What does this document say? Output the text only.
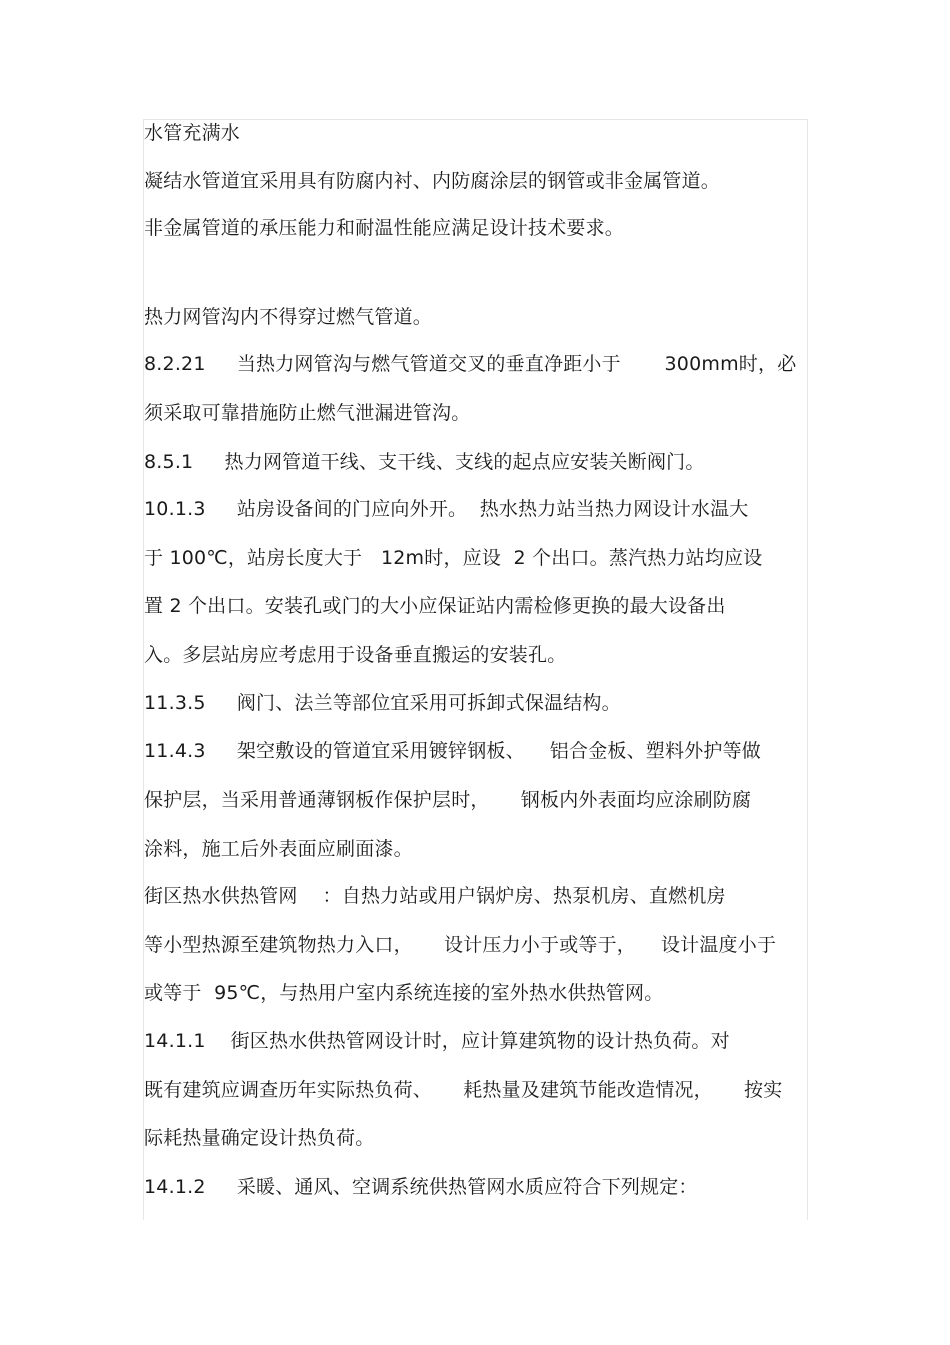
水管充满水
凝结水管道宜采用具有防腐内衬、内防腐涂层的钢管或非金属管道。
非金属管道的承压能力和耐温性能应满足设计技术要求。
热力网管沟内不得穿过燃气管道。
8.2.21     当热力网管沟与燃气管道交叉的垂直净距小于       300mm时，必
须采取可靠措施防止燃气泄漏进管沟。
8.5.1     热力网管道干线、支干线、支线的起点应安装关断阀门。
10.1.3     站房设备间的门应向外开。  热水热力站当热力网设计水温大
于 100℃，站房长度大于   12m时，应设  2 个出口。蒸汽热力站均应设
置 2 个出口。安装孔或门的大小应保证站内需检修更换的最大设备出
入。多层站房应考虑用于设备垂直搬运的安装孔。
11.3.5     阀门、法兰等部位宜采用可拆卸式保温结构。
11.4.3     架空敷设的管道宜采用镀锌钢板、    铝合金板、塑料外护等做
保护层，当采用普通薄钢板作保护层时，     钢板内外表面均应涂刷防腐
涂料，施工后外表面应刷面漆。
街区热水供热管网    ：自热力站或用户锅炉房、热泵机房、直燃机房
等小型热源至建筑物热力入口，     设计压力小于或等于，    设计温度小于
或等于  95℃，与热用户室内系统连接的室外热水供热管网。
14.1.1    街区热水供热管网设计时，应计算建筑物的设计热负荷。对
既有建筑应调查历年实际热负荷、     耗热量及建筑节能改造情况，     按实
际耗热量确定设计热负荷。
14.1.2     采暖、通风、空调系统供热管网水质应符合下列规定：
